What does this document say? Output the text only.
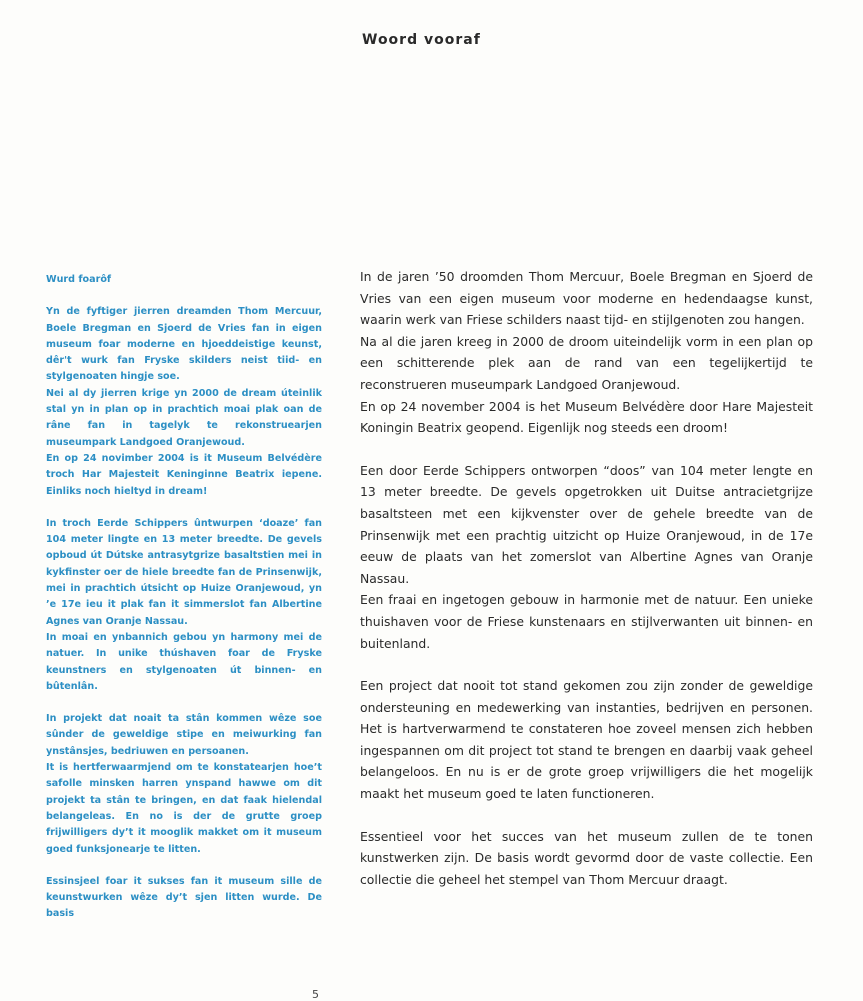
Woord vooraf

Wurd foarôf

Yn de fyftiger jierren dreamden Thom Mercuur, Boele Bregman en Sjoerd de Vries fan in eigen museum foar moderne en hjoeddeistige keunst, dêr't wurk fan Fryske skilders neist tiid- en stylgenoaten hingje soe.

Nei al dy jierren krige yn 2000 de dream úteinlik stal yn in plan op in prachtich moai plak oan de râne fan in tagelyk te rekonstruearjen museumpark Landgoed Oranjewoud.

En op 24 novimber 2004 is it Museum Belvédère troch Har Majesteit Keninginne Beatrix iepene. Einliks noch hieltyd in dream!

In troch Eerde Schippers ûntwurpen ‘doaze’ fan 104 meter lingte en 13 meter breedte. De gevels opboud út Dútske antrasytgrize basaltstien mei in kykfinster oer de hiele breedte fan de Prinsenwijk, mei in prachtich útsicht op Huize Oranjewoud, yn ’e 17e ieu it plak fan it simmerslot fan Albertine Agnes van Oranje Nassau.

In moai en ynbannich gebou yn harmony mei de natuer. In unike thúshaven foar de Fryske keunstners en stylgenoaten út binnen- en bûtenlân.

In projekt dat noait ta stân kommen wêze soe sûnder de geweldige stipe en meiwurking fan ynstânsjes, bedriuwen en persoanen.

It is hertferwaarmjend om te konstatearjen hoe’t safolle minsken harren ynspand hawwe om dit projekt ta stân te bringen, en dat faak hielendal belangeleas. En no is der de grutte groep frijwilligers dy’t it mooglik makket om it museum goed funksjonearje te litten.

Essinsjeel foar it sukses fan it museum sille de keunstwurken wêze dy’t sjen litten wurde. De basis

In de jaren ’50 droomden Thom Mercuur, Boele Bregman en Sjoerd de Vries van een eigen museum voor moderne en hedendaagse kunst, waarin werk van Friese schilders naast tijd- en stijlgenoten zou hangen.

Na al die jaren kreeg in 2000 de droom uiteindelijk vorm in een plan op een schitterende plek aan de rand van een tegelijkertijd te reconstrueren museumpark Landgoed Oranjewoud.

En op 24 november 2004 is het Museum Belvédère door Hare Majesteit Koningin Beatrix geopend. Eigenlijk nog steeds een droom!

Een door Eerde Schippers ontworpen “doos” van 104 meter lengte en 13 meter breedte. De gevels opgetrokken uit Duitse antracietgrijze basaltsteen met een kijkvenster over de gehele breedte van de Prinsenwijk met een prachtig uitzicht op Huize Oranjewoud, in de 17e eeuw de plaats van het zomerslot van Albertine Agnes van Oranje Nassau.

Een fraai en ingetogen gebouw in harmonie met de natuur. Een unieke thuishaven voor de Friese kunstenaars en stijlverwanten uit binnen- en buitenland.

Een project dat nooit tot stand gekomen zou zijn zonder de geweldige ondersteuning en medewerking van instanties, bedrijven en personen. Het is hartverwarmend te constateren hoe zoveel mensen zich hebben ingespannen om dit project tot stand te brengen en daarbij vaak geheel belangeloos. En nu is er de grote groep vrijwilligers die het mogelijk maakt het museum goed te laten functioneren.

Essentieel voor het succes van het museum zullen de te tonen kunstwerken zijn. De basis wordt gevormd door de vaste collectie. Een collectie die geheel het stempel van Thom Mercuur draagt.

5
